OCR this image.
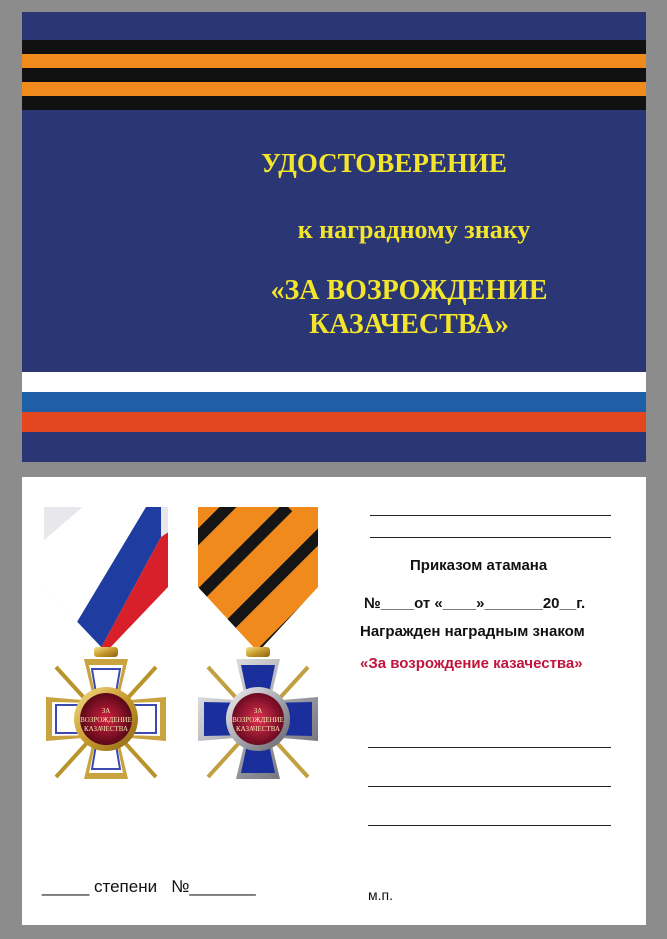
УДОСТОВЕРЕНИЕ
к наградному знаку
«ЗА ВОЗРОЖДЕНИЕ
КАЗАЧЕСТВА»
ЗА
ВОЗРОЖДЕНИЕ
КАЗАЧЕСТВА
ЗА
ВОЗРОЖДЕНИЕ
КАЗАЧЕСТВА
Приказом атамана
№____от «____»_______20__г.
Награжден наградным знаком
«За возрождение казачества»
_____ степени   №_______	м.п.
